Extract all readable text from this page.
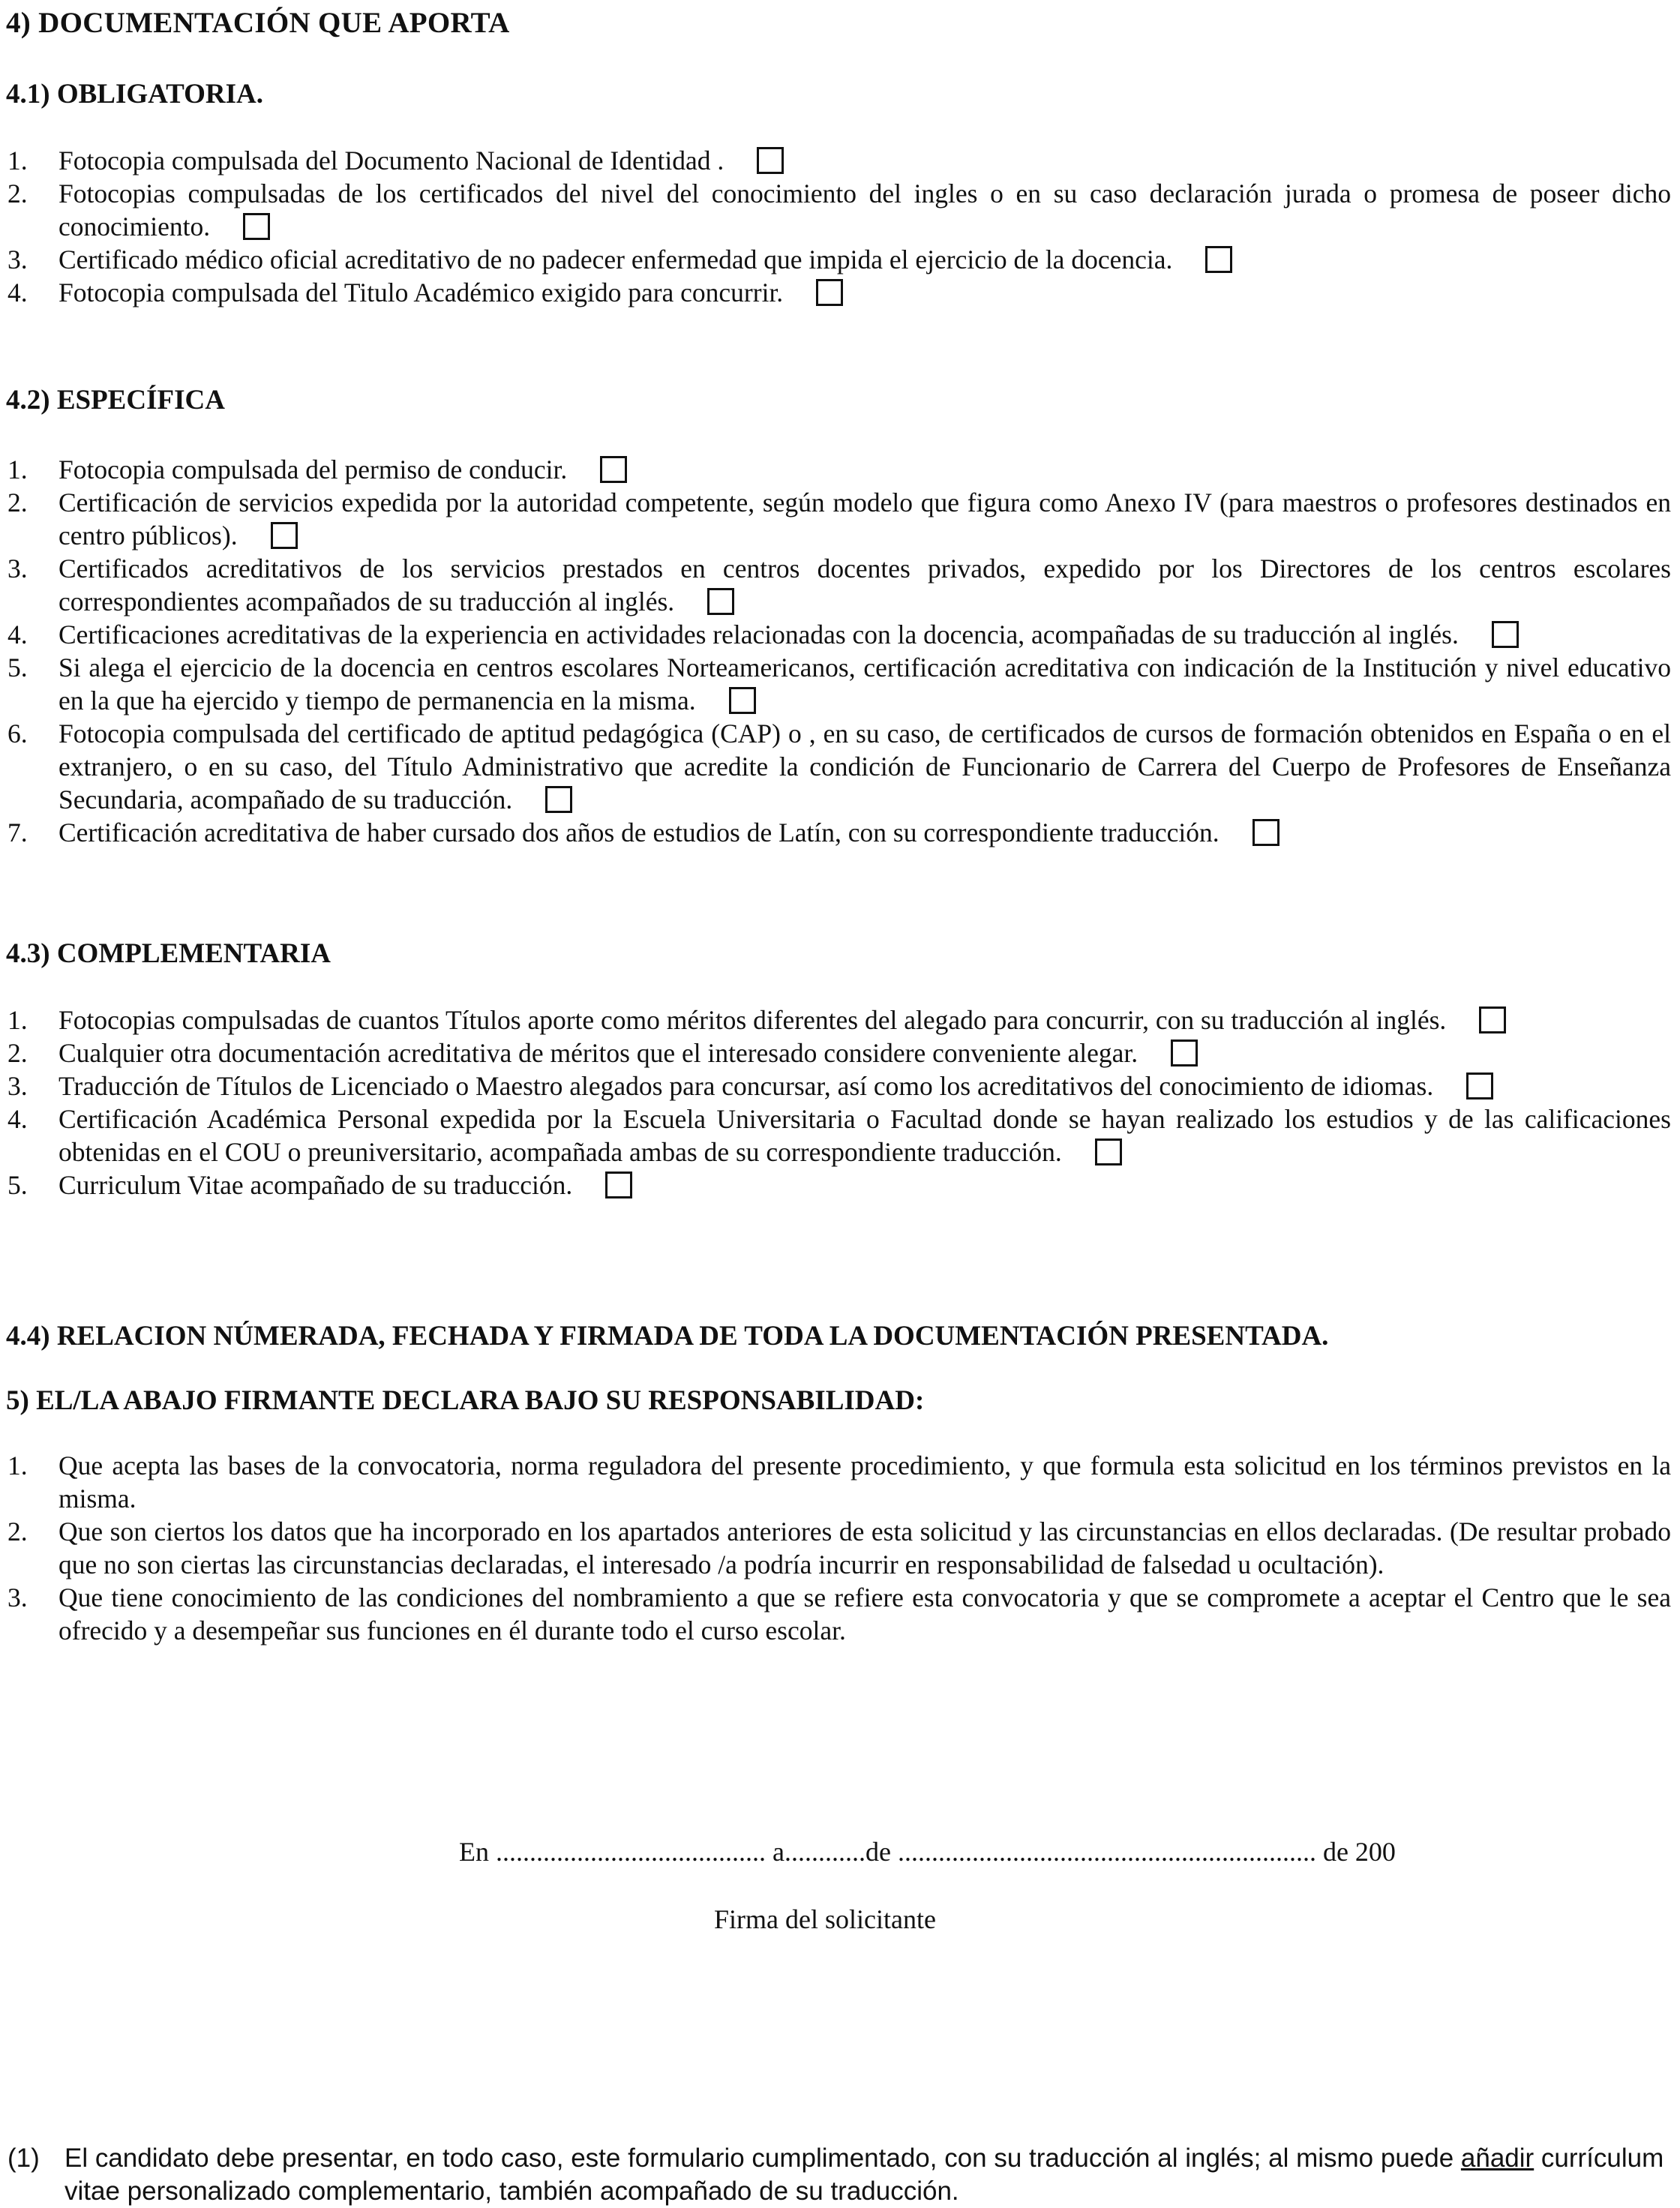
4) DOCUMENTACIÓN QUE APORTA
4.1) OBLIGATORIA.
1. Fotocopia compulsada del Documento Nacional de Identidad .
2. Fotocopias compulsadas de los certificados del nivel del conocimiento del ingles o en su caso declaración jurada o promesa de poseer dicho conocimiento.
3. Certificado médico oficial acreditativo de no padecer enfermedad que impida el ejercicio de la docencia.
4. Fotocopia compulsada del Titulo Académico exigido para concurrir.
4.2) ESPECÍFICA
1. Fotocopia compulsada del permiso de conducir.
2. Certificación de servicios expedida por la autoridad competente, según modelo que figura como Anexo IV (para maestros o profesores destinados en centro públicos).
3. Certificados acreditativos de los servicios prestados en centros docentes privados, expedido por los Directores de los centros escolares correspondientes acompañados de su traducción al inglés.
4. Certificaciones acreditativas de la experiencia en actividades relacionadas con la docencia, acompañadas de su traducción al inglés.
5. Si alega el ejercicio de la docencia en centros escolares Norteamericanos, certificación acreditativa con indicación de la Institución y nivel educativo en la que ha ejercido y tiempo de permanencia en la misma.
6. Fotocopia compulsada del certificado de aptitud pedagógica (CAP) o , en su caso, de certificados de cursos de formación obtenidos en España o en el extranjero, o en su caso, del Título Administrativo que acredite la condición de Funcionario de Carrera del Cuerpo de Profesores de Enseñanza Secundaria, acompañado de su traducción.
7. Certificación acreditativa de haber cursado dos años de estudios de Latín, con su correspondiente traducción.
4.3) COMPLEMENTARIA
1. Fotocopias compulsadas de cuantos Títulos aporte como méritos diferentes del alegado para concurrir, con su traducción al inglés.
2. Cualquier otra documentación acreditativa de méritos que el interesado considere conveniente alegar.
3. Traducción de Títulos de Licenciado o Maestro alegados para concursar, así como los acreditativos del conocimiento de idiomas.
4. Certificación Académica Personal expedida por la Escuela Universitaria o Facultad donde se hayan realizado los estudios y de las calificaciones obtenidas en el COU o preuniversitario, acompañada ambas de su correspondiente traducción.
5. Curriculum Vitae acompañado de su traducción.
4.4) RELACION NÚMERADA, FECHADA Y FIRMADA DE TODA LA DOCUMENTACIÓN PRESENTADA.
5) EL/LA ABAJO FIRMANTE DECLARA BAJO SU RESPONSABILIDAD:
1. Que acepta las bases de la convocatoria, norma reguladora del presente procedimiento, y que formula esta solicitud en los términos previstos en la misma.
2. Que son ciertos los datos que ha incorporado en los apartados anteriores de esta solicitud y las circunstancias en ellos declaradas. (De resultar probado que no son ciertas las circunstancias declaradas, el interesado /a podría incurrir en responsabilidad de falsedad u ocultación).
3. Que tiene conocimiento de las condiciones del nombramiento a que se refiere esta convocatoria y que se compromete a aceptar el Centro que le sea ofrecido y a desempeñar sus funciones en él durante todo el curso escolar.
En ........................................ a............de .............................................................. de 200
Firma del solicitante
(1) El candidato debe presentar, en todo caso, este formulario cumplimentado, con su traducción al inglés; al mismo puede añadir currículum vitae personalizado complementario, también acompañado de su traducción.
